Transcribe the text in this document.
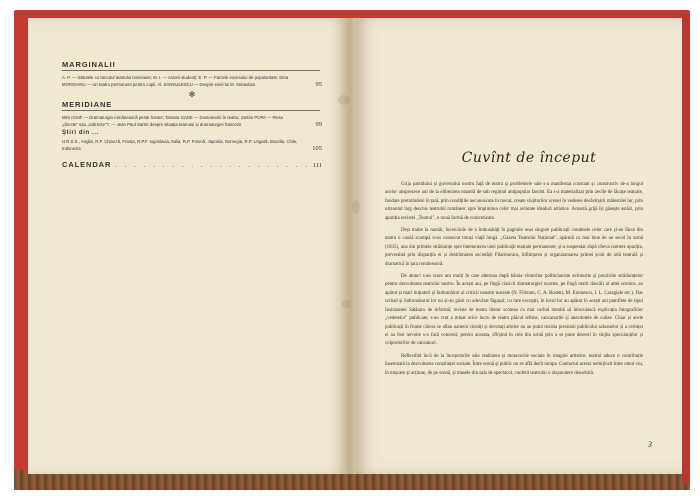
MARGINALII
A. P. — Istitutele cu trecutul teatrului nominase; M. I. — Actorii studenți; E. P. — Farsele excesului de popularitate; Dina MOROIANU — Un teatru permanent pentru copii; Al. SĂNDULESCU — Despre ezeii lui M. Sebastian.	95
✻
MERIDIANE
Mim IOSIF — Dramaturgia românească peste hotare; Tamara GANE — Dostoievski în teatru; Ștefan POPA — Piese „directe" sau „indirecte"?; — Jean Paul Sartre despre situația teatrului și dramaturgiei franceze	99
Știri din ...
U.R.S.S., Anglia, R.P. Chineză, Franța, R.P.F. Iugoslavia, Italia, R.P. Polonă, Japonia, Norvegia, R.P. Ungară, Brazilia, Chile, Indonezia	105
CALENDAR . . .	111	Cuvînt de început

Grija partidului și guvernului nostru față de teatru și problemele sale s-a manifestat constant și constructiv de-a lungul acelor unsprezece ani de la eliberarea noastră de sub regimul antipopular fascist. Ea s-a materializat prin zecile de lăcașe teatrale, fondate pretutindeni în țară, prin condițiile necunoscute în trecut, create slujitorilor scenei în vederea desăvîrșirii măiestriei lor, prin orizontul larg deschis teatrului românesc spre împlinirea celor mai avîntate idealuri artistice. Această grijă își găsește astăzi, prin apariția revistei „Teatrul", o nouă formă de concretizare.

Deși multe la număr, încercările de a îmbunătăți în paginile unei singure publicații condeiele celor care și-au făcut din teatru o cauză scumpă n-au cunoscut totuși viață lungă. „Gazeta Teatrului Național", apărută cu mai bine de un secol în urmă (1835), una din primele străduințe spre întemeierea unei publicații teatrale permanente, și-a suspendat după cîteva numere apariția, prevestind prin dispariția ei și destrămarea societății Filarmonica, înființarea și organizatoarea primei școli de artă teatrală și dramatică în țara românească.

De atunci s-au scurs ani mulți în care alternau după bătaia vînturilor politicianiste avînturile și potolirile străduințelor pentru dezvoltarea teatrului nostru. În acești ani, pe lîngă clasicii dramaturgiei noastre, pe lîngă marii dascăli ai artei scenice, au apărut și mari inițiatori și îndrumători ai criticii noastre teatrale (N. Filimon, C. A. Rosetti, M. Eminescu, I. L. Caragiale etc.). Dar scrisul și îndrumătorul lor nu și-au găsit cu adevărat făgașul; cu rare excepții, în locul lor au apărut în acești ani pamflete de tipul Insinuantei Sătăraru de reformă; reviste de teatru literar scoteau cu mai curînd menită să înlocuiască explicația fotografiilor „vedetelor" publicate, s-au vrut a reluat orice lucru de teatru plăcut ieftine, cancanurile și anecdotele de culise. Chiar și acele publicații în frunte cărora se aflau oameni cinstiți și devotați artelor nu au putut rezista presiunii publicului saloanelor și a cerinței ei au fost nevoite s-o facă concesii; pentru aceasta, sfîrșind în cele din urmă prin a se pune deseori în slujba speculanților și colportorilor de cancanuri.

Reflectînd încă de la începuturile sale realitatea și moravurile sociale în imagini artistice, teatrul aduce o contribuție însemnată la dezvoltarea conștiinței sociale. Între scenă și public nu se află decît rampa. Contactul acesta nemijlocit între omul viu, în mișcare și acțiune, de pe scenă, și masele din sala de spectacol, conferă teatrului o răspundere deosebită.

3
